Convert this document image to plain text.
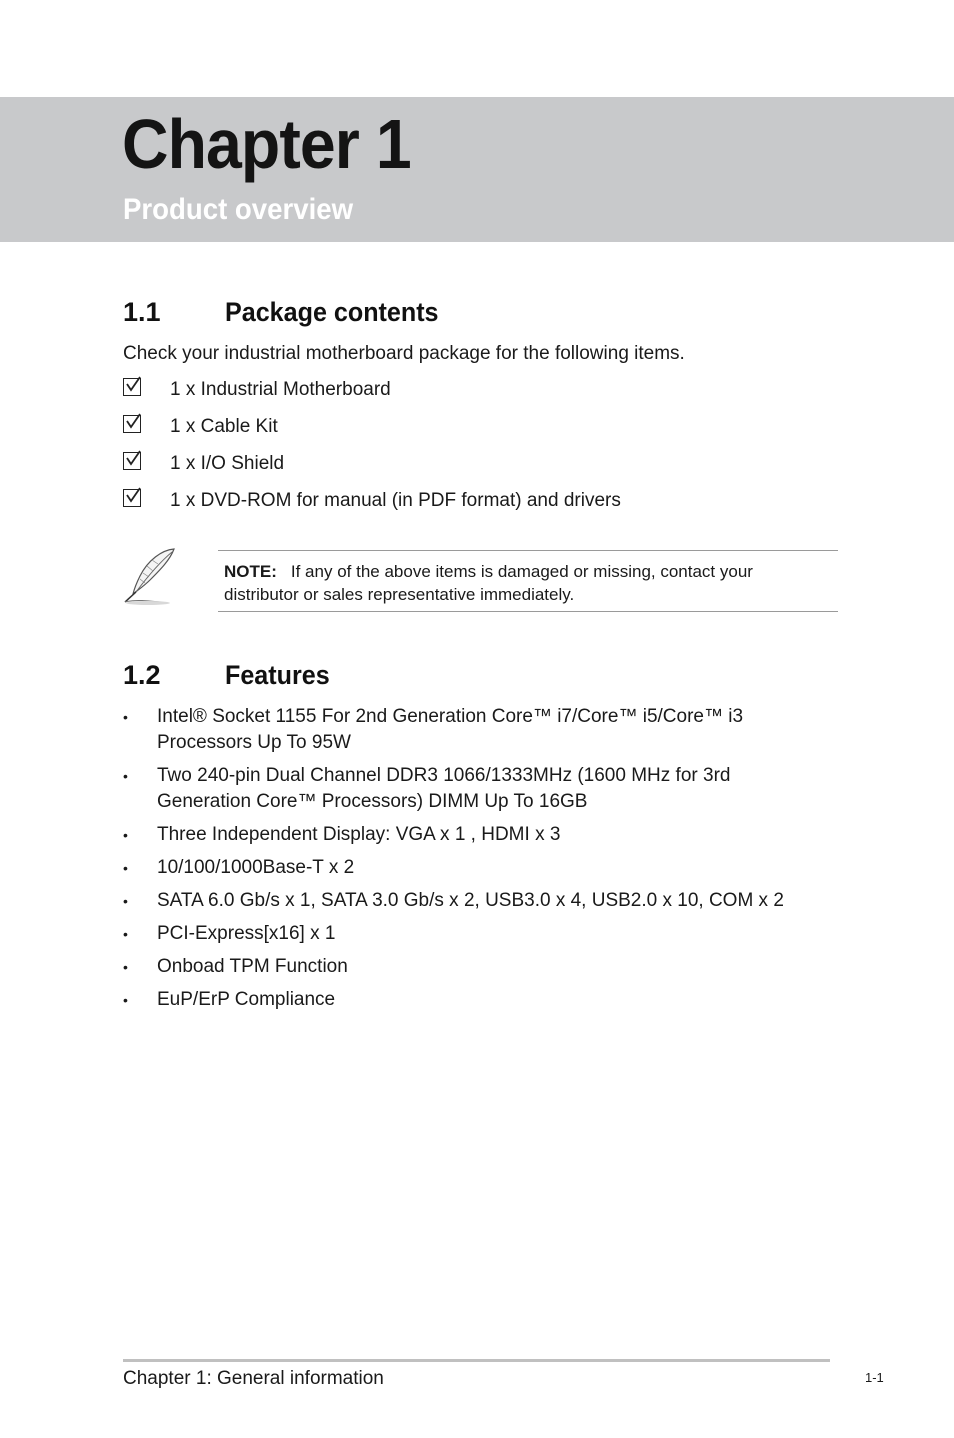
Chapter 1
Product overview
1.1 Package contents
Check your industrial motherboard package for the following items.
1 x Industrial Motherboard
1 x Cable Kit
1 x I/O Shield
1 x DVD-ROM for manual (in PDF format) and drivers
NOTE: If any of the above items is damaged or missing, contact your distributor or sales representative immediately.
1.2 Features
• Intel® Socket 1155 For 2nd Generation Core™ i7/Core™ i5/Core™ i3 Processors Up To 95W
• Two 240-pin Dual Channel DDR3 1066/1333MHz (1600 MHz for 3rd Generation Core™ Processors) DIMM Up To 16GB
• Three Independent Display: VGA x 1 , HDMI x 3
• 10/100/1000Base-T x 2
• SATA 6.0 Gb/s x 1, SATA 3.0 Gb/s x 2, USB3.0 x 4, USB2.0 x 10, COM x 2
• PCI-Express[x16] x 1
• Onboad TPM Function
• EuP/ErP Compliance
Chapter 1: General information	1-1
